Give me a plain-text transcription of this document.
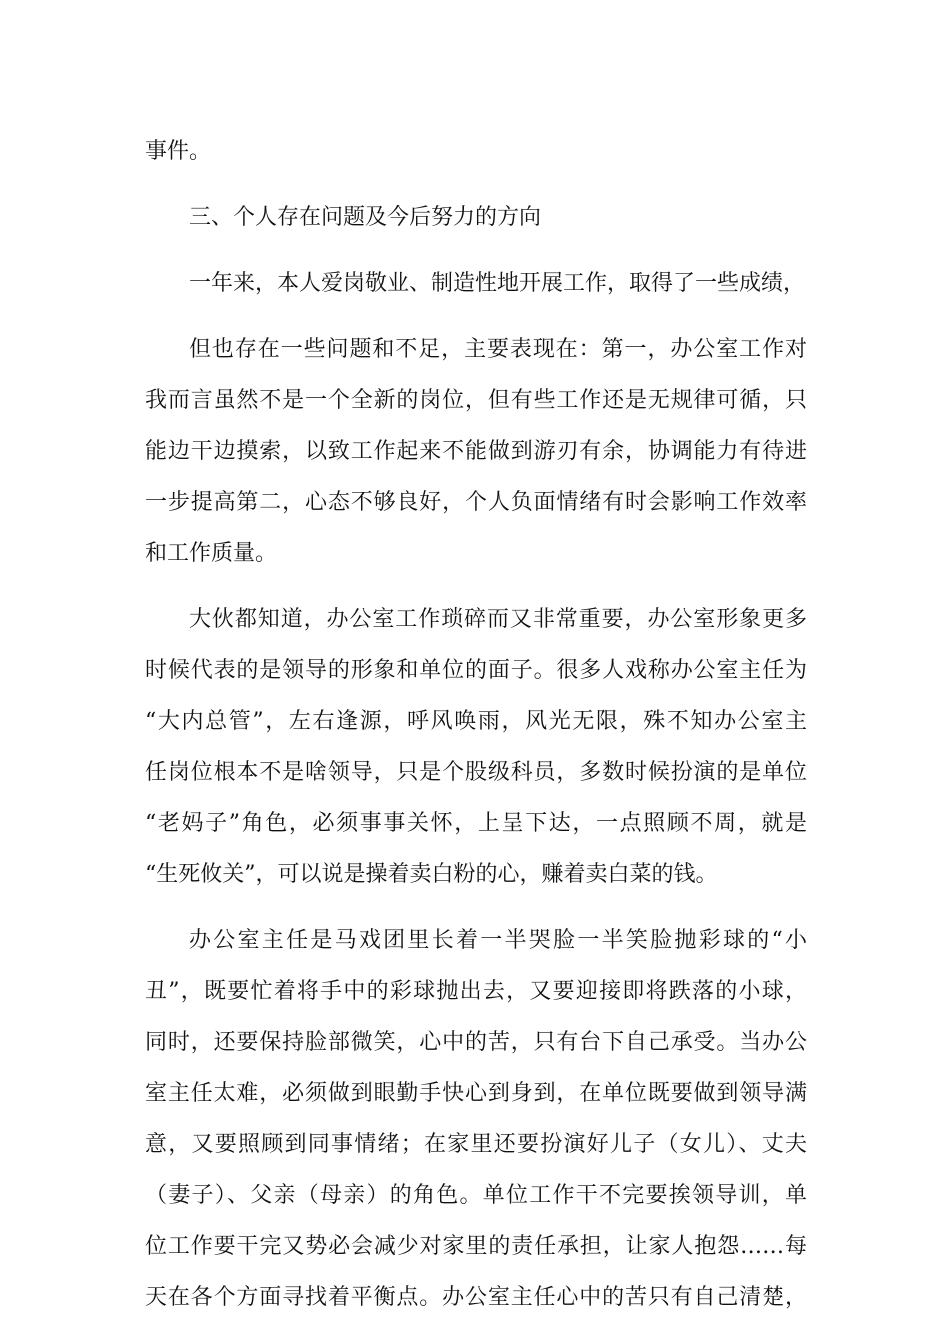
事件。
三、个人存在问题及今后努力的方向
一年来，本人爱岗敬业、制造性地开展工作，取得了一些成绩，
但也存在一些问题和不足，主要表现在：第一，办公室工作对
我而言虽然不是一个全新的岗位，但有些工作还是无规律可循，只
能边干边摸索，以致工作起来不能做到游刃有余，协调能力有待进
一步提高第二，心态不够良好，个人负面情绪有时会影响工作效率
和工作质量。
大伙都知道，办公室工作琐碎而又非常重要，办公室形象更多
时候代表的是领导的形象和单位的面子。很多人戏称办公室主任为
“大内总管”，左右逢源，呼风唤雨，风光无限，殊不知办公室主
任岗位根本不是啥领导，只是个股级科员，多数时候扮演的是单位
“老妈子”角色，必须事事关怀，上呈下达，一点照顾不周，就是
“生死攸关”，可以说是操着卖白粉的心，赚着卖白菜的钱。
办公室主任是马戏团里长着一半哭脸一半笑脸抛彩球的“小
丑”，既要忙着将手中的彩球抛出去，又要迎接即将跌落的小球，
同时，还要保持脸部微笑，心中的苦，只有台下自己承受。当办公
室主任太难，必须做到眼勤手快心到身到，在单位既要做到领导满
意，又要照顾到同事情绪；在家里还要扮演好儿子（女儿）、丈夫
（妻子）、父亲（母亲）的角色。单位工作干不完要挨领导训，单
位工作要干完又势必会减少对家里的责任承担，让家人抱怨……每
天在各个方面寻找着平衡点。办公室主任心中的苦只有自己清楚，
